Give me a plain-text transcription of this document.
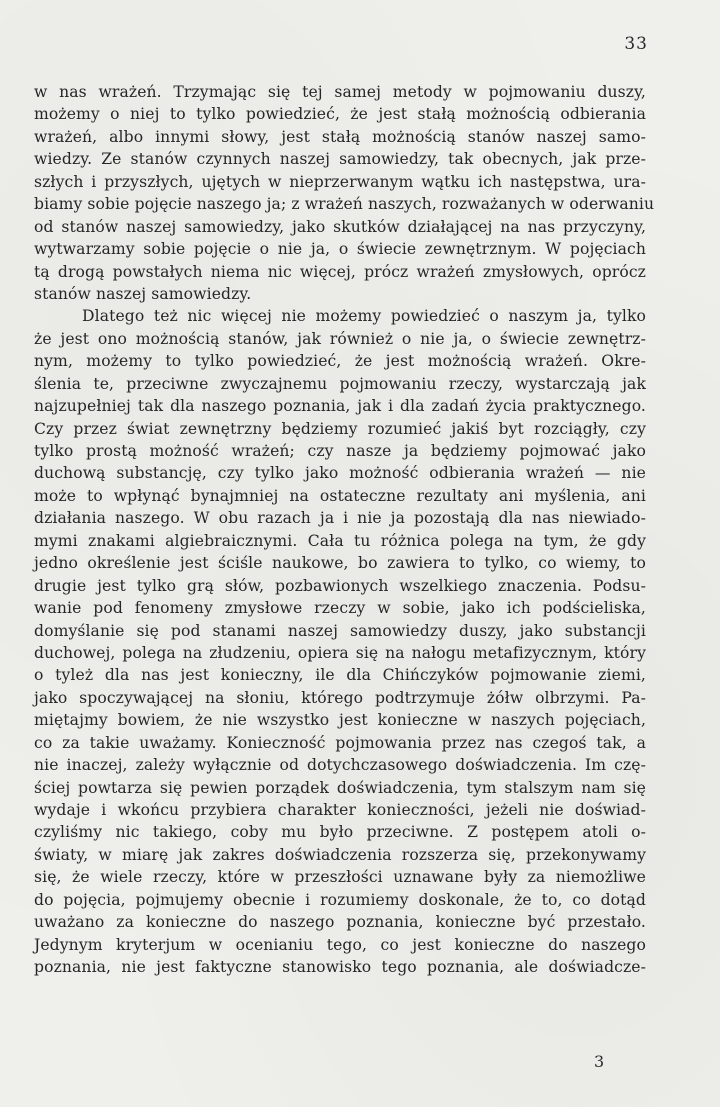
33
w nas wrażeń. Trzymając się tej samej metody w pojmowaniu duszy,
możemy o niej to tylko powiedzieć, że jest stałą możnością odbierania
wrażeń, albo innymi słowy, jest stałą możnością stanów naszej samo-
wiedzy. Ze stanów czynnych naszej samowiedzy, tak obecnych, jak prze-
szłych i przyszłych, ujętych w nieprzerwanym wątku ich następstwa, ura-
biamy sobie pojęcie naszego ja; z wrażeń naszych, rozważanych w oderwaniu
od stanów naszej samowiedzy, jako skutków działającej na nas przyczyny,
wytwarzamy sobie pojęcie o nie ja, o świecie zewnętrznym. W pojęciach
tą drogą powstałych niema nic więcej, prócz wrażeń zmysłowych, oprócz
stanów naszej samowiedzy.
Dlatego też nic więcej nie możemy powiedzieć o naszym ja, tylko
że jest ono możnością stanów, jak również o nie ja, o świecie zewnętrz-
nym, możemy to tylko powiedzieć, że jest możnością wrażeń. Okre-
ślenia te, przeciwne zwyczajnemu pojmowaniu rzeczy, wystarczają jak
najzupełniej tak dla naszego poznania, jak i dla zadań życia praktycznego.
Czy przez świat zewnętrzny będziemy rozumieć jakiś byt rozciągły, czy
tylko prostą możność wrażeń; czy nasze ja będziemy pojmować jako
duchową substancję, czy tylko jako możność odbierania wrażeń — nie
może to wpłynąć bynajmniej na ostateczne rezultaty ani myślenia, ani
działania naszego. W obu razach ja i nie ja pozostają dla nas niewiado-
mymi znakami algiebraicznymi. Cała tu różnica polega na tym, że gdy
jedno określenie jest ściśle naukowe, bo zawiera to tylko, co wiemy, to
drugie jest tylko grą słów, pozbawionych wszelkiego znaczenia. Podsu-
wanie pod fenomeny zmysłowe rzeczy w sobie, jako ich podścieliska,
domyślanie się pod stanami naszej samowiedzy duszy, jako substancji
duchowej, polega na złudzeniu, opiera się na nałogu metafizycznym, który
o tyleż dla nas jest konieczny, ile dla Chińczyków pojmowanie ziemi,
jako spoczywającej na słoniu, którego podtrzymuje żółw olbrzymi. Pa-
miętajmy bowiem, że nie wszystko jest konieczne w naszych pojęciach,
co za takie uważamy. Konieczność pojmowania przez nas czegoś tak, a
nie inaczej, zależy wyłącznie od dotychczasowego doświadczenia. Im czę-
ściej powtarza się pewien porządek doświadczenia, tym stalszym nam się
wydaje i wkońcu przybiera charakter konieczności, jeżeli nie doświad-
czyliśmy nic takiego, coby mu było przeciwne. Z postępem atoli o-
światy, w miarę jak zakres doświadczenia rozszerza się, przekonywamy
się, że wiele rzeczy, które w przeszłości uznawane były za niemożliwe
do pojęcia, pojmujemy obecnie i rozumiemy doskonale, że to, co dotąd
uważano za konieczne do naszego poznania, konieczne być przestało.
Jedynym kryterjum w ocenianiu tego, co jest konieczne do naszego
poznania, nie jest faktyczne stanowisko tego poznania, ale doświadcze-
3
